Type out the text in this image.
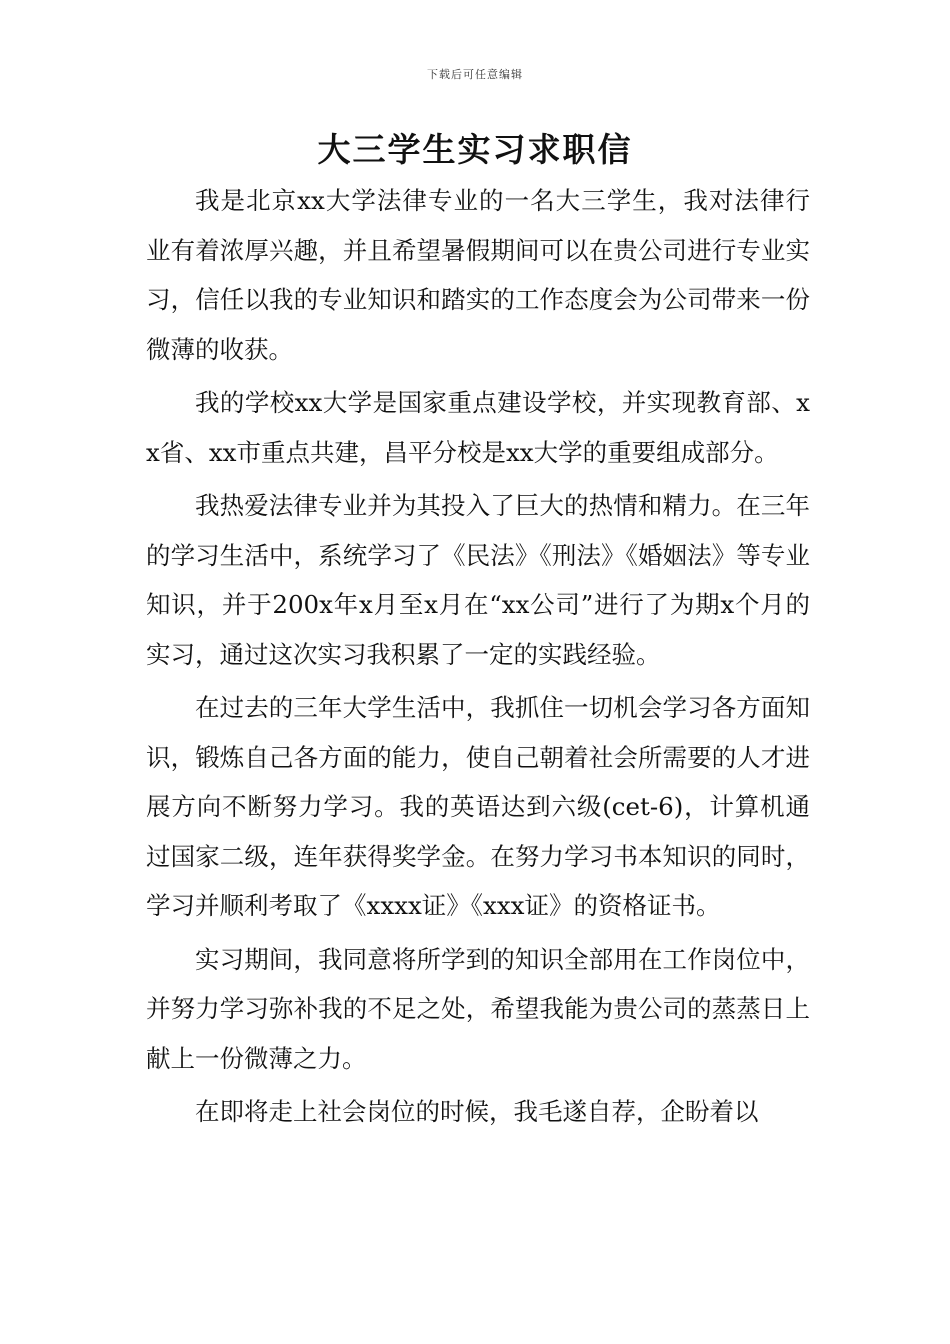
下载后可任意编辑
大三学生实习求职信

我是北京xx大学法律专业的一名大三学生，我对法律行业有着浓厚兴趣，并且希望暑假期间可以在贵公司进行专业实习，信任以我的专业知识和踏实的工作态度会为公司带来一份微薄的收获。

我的学校xx大学是国家重点建设学校，并实现教育部、xx省、xx市重点共建，昌平分校是xx大学的重要组成部分。

我热爱法律专业并为其投入了巨大的热情和精力。在三年的学习生活中，系统学习了《民法》《刑法》《婚姻法》等专业知识，并于200x年x月至x月在“xx公司”进行了为期x个月的实习，通过这次实习我积累了一定的实践经验。

在过去的三年大学生活中，我抓住一切机会学习各方面知识，锻炼自己各方面的能力，使自己朝着社会所需要的人才进展方向不断努力学习。我的英语达到六级(cet-6)，计算机通过国家二级，连年获得奖学金。在努力学习书本知识的同时，学习并顺利考取了《xxxx证》《xxx证》的资格证书。

实习期间，我同意将所学到的知识全部用在工作岗位中，并努力学习弥补我的不足之处，希望我能为贵公司的蒸蒸日上献上一份微薄之力。

在即将走上社会岗位的时候，我毛遂自荐，企盼着以
